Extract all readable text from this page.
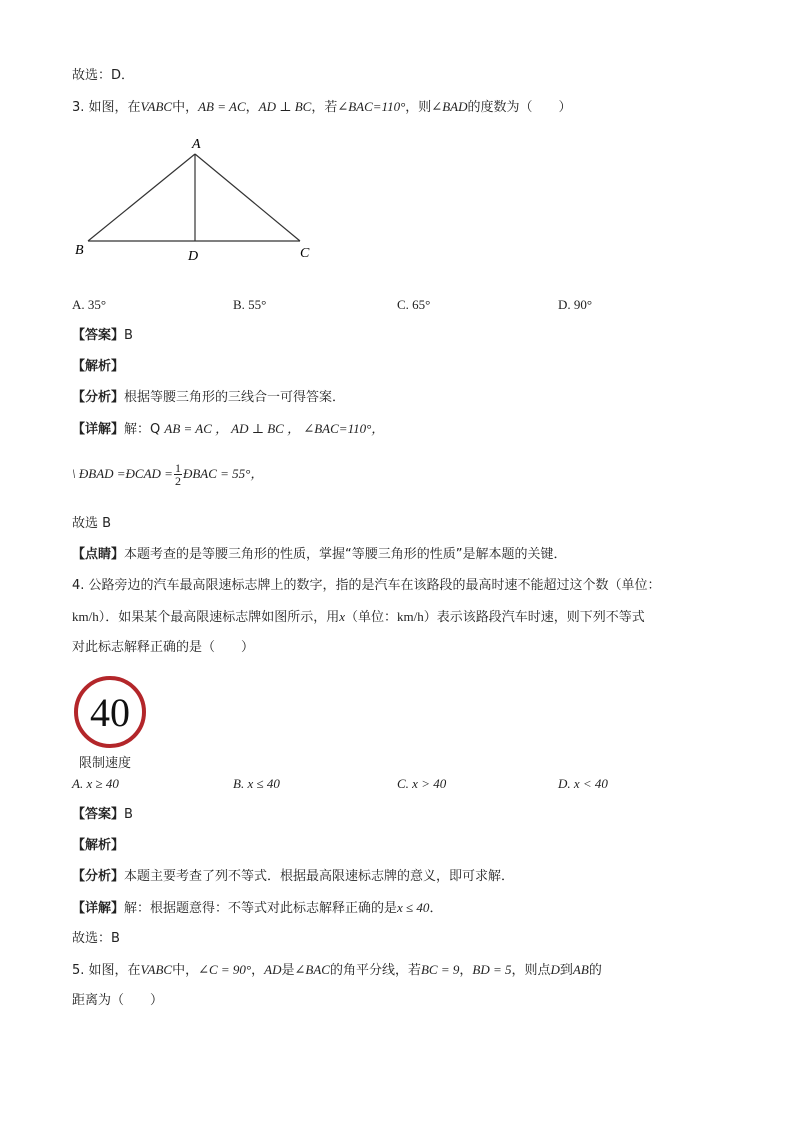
故选：D．
3. 如图，在VABC中，AB = AC，AD ⊥ BC，若∠BAC=110°，则∠BAD的度数为（　　）
A
B	C
D
A. 35°	B. 55°	C. 65°	D. 90°
【答案】B
【解析】
【分析】根据等腰三角形的三线合一可得答案．
【详解】解：Q AB = AC ， AD ⊥ BC ， ∠BAC=110°，
\ ÐBAD =ÐCAD = $\frac{1}{2}$ ÐBAC = 55°，
故选 B
【点睛】本题考查的是等腰三角形的性质，掌握“等腰三角形的性质”是解本题的关键．
4. 公路旁边的汽车最高限速标志牌上的数字，指的是汽车在该路段的最高时速不能超过这个数（单位：
km/h）．如果某个最高限速标志牌如图所示，用x（单位：km/h）表示该路段汽车时速，则下列不等式
对此标志解释正确的是（　　）
40
限制速度
A. x ≥ 40	B. x ≤ 40	C. x > 40	D. x < 40
【答案】B
【解析】
【分析】本题主要考查了列不等式．根据最高限速标志牌的意义，即可求解．
【详解】解：根据题意得：不等式对此标志解释正确的是x ≤ 40．
故选：B
5. 如图，在VABC中，∠C = 90°，AD是∠BAC的角平分线，若BC = 9，BD = 5，则点D到AB的
距离为（　　）
